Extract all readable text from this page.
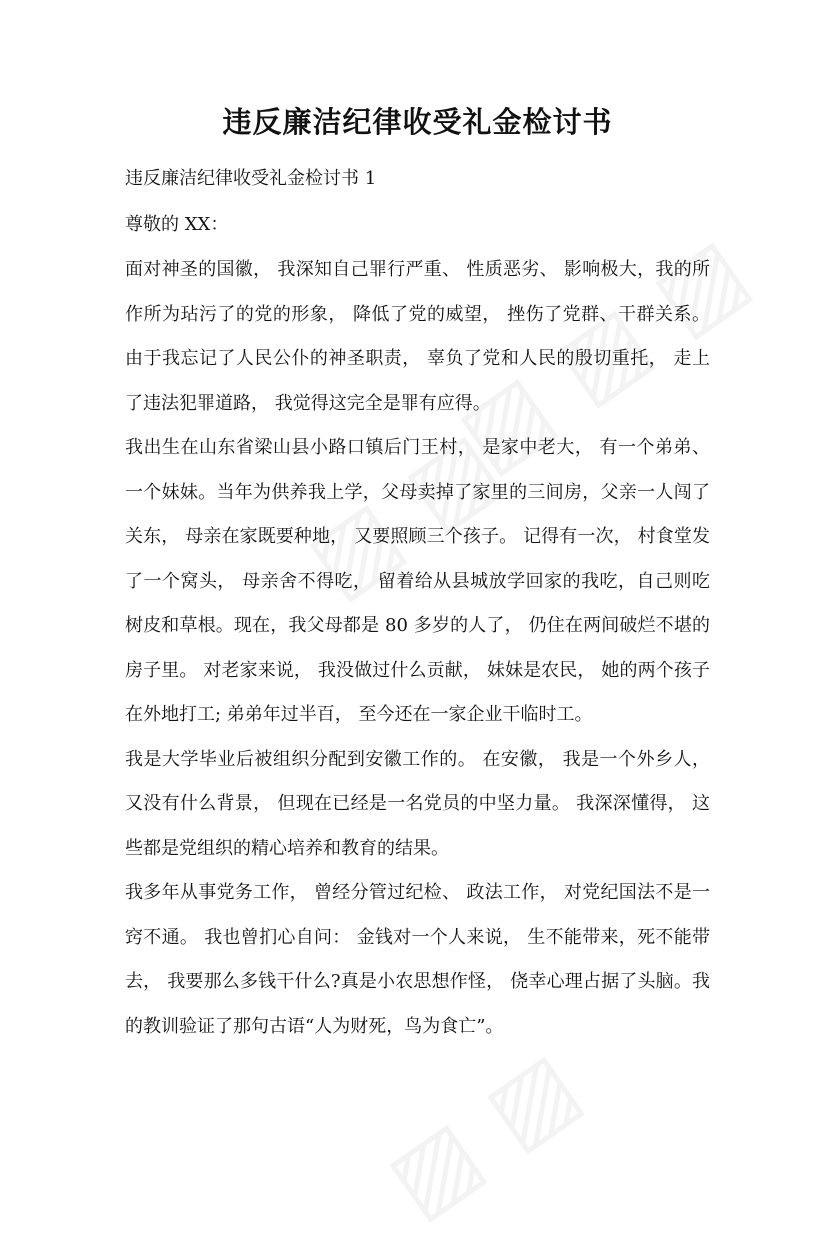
违反廉洁纪律收受礼金检讨书

违反廉洁纪律收受礼金检讨书 1

尊敬的 XX：

面对神圣的国徽， 我深知自己罪行严重、 性质恶劣、 影响极大，我的所作所为玷污了的党的形象， 降低了党的威望， 挫伤了党群、干群关系。 由于我忘记了人民公仆的神圣职责， 辜负了党和人民的殷切重托， 走上了违法犯罪道路， 我觉得这完全是罪有应得。

我出生在山东省梁山县小路口镇后门王村， 是家中老大， 有一个弟弟、 一个妹妹。当年为供养我上学，父母卖掉了家里的三间房，父亲一人闯了关东， 母亲在家既要种地， 又要照顾三个孩子。 记得有一次， 村食堂发了一个窝头， 母亲舍不得吃， 留着给从县城放学回家的我吃，自己则吃树皮和草根。现在，我父母都是 80 多岁的人了， 仍住在两间破烂不堪的房子里。 对老家来说， 我没做过什么贡献， 妹妹是农民， 她的两个孩子在外地打工; 弟弟年过半百， 至今还在一家企业干临时工。

我是大学毕业后被组织分配到安徽工作的。 在安徽， 我是一个外乡人， 又没有什么背景， 但现在已经是一名党员的中坚力量。 我深深懂得， 这些都是党组织的精心培养和教育的结果。

我多年从事党务工作， 曾经分管过纪检、 政法工作， 对党纪国法不是一窍不通。 我也曾扪心自问： 金钱对一个人来说， 生不能带来，死不能带去， 我要那么多钱干什么?真是小农思想作怪， 侥幸心理占据了头脑。我的教训验证了那句古语“人为财死，鸟为食亡”。
